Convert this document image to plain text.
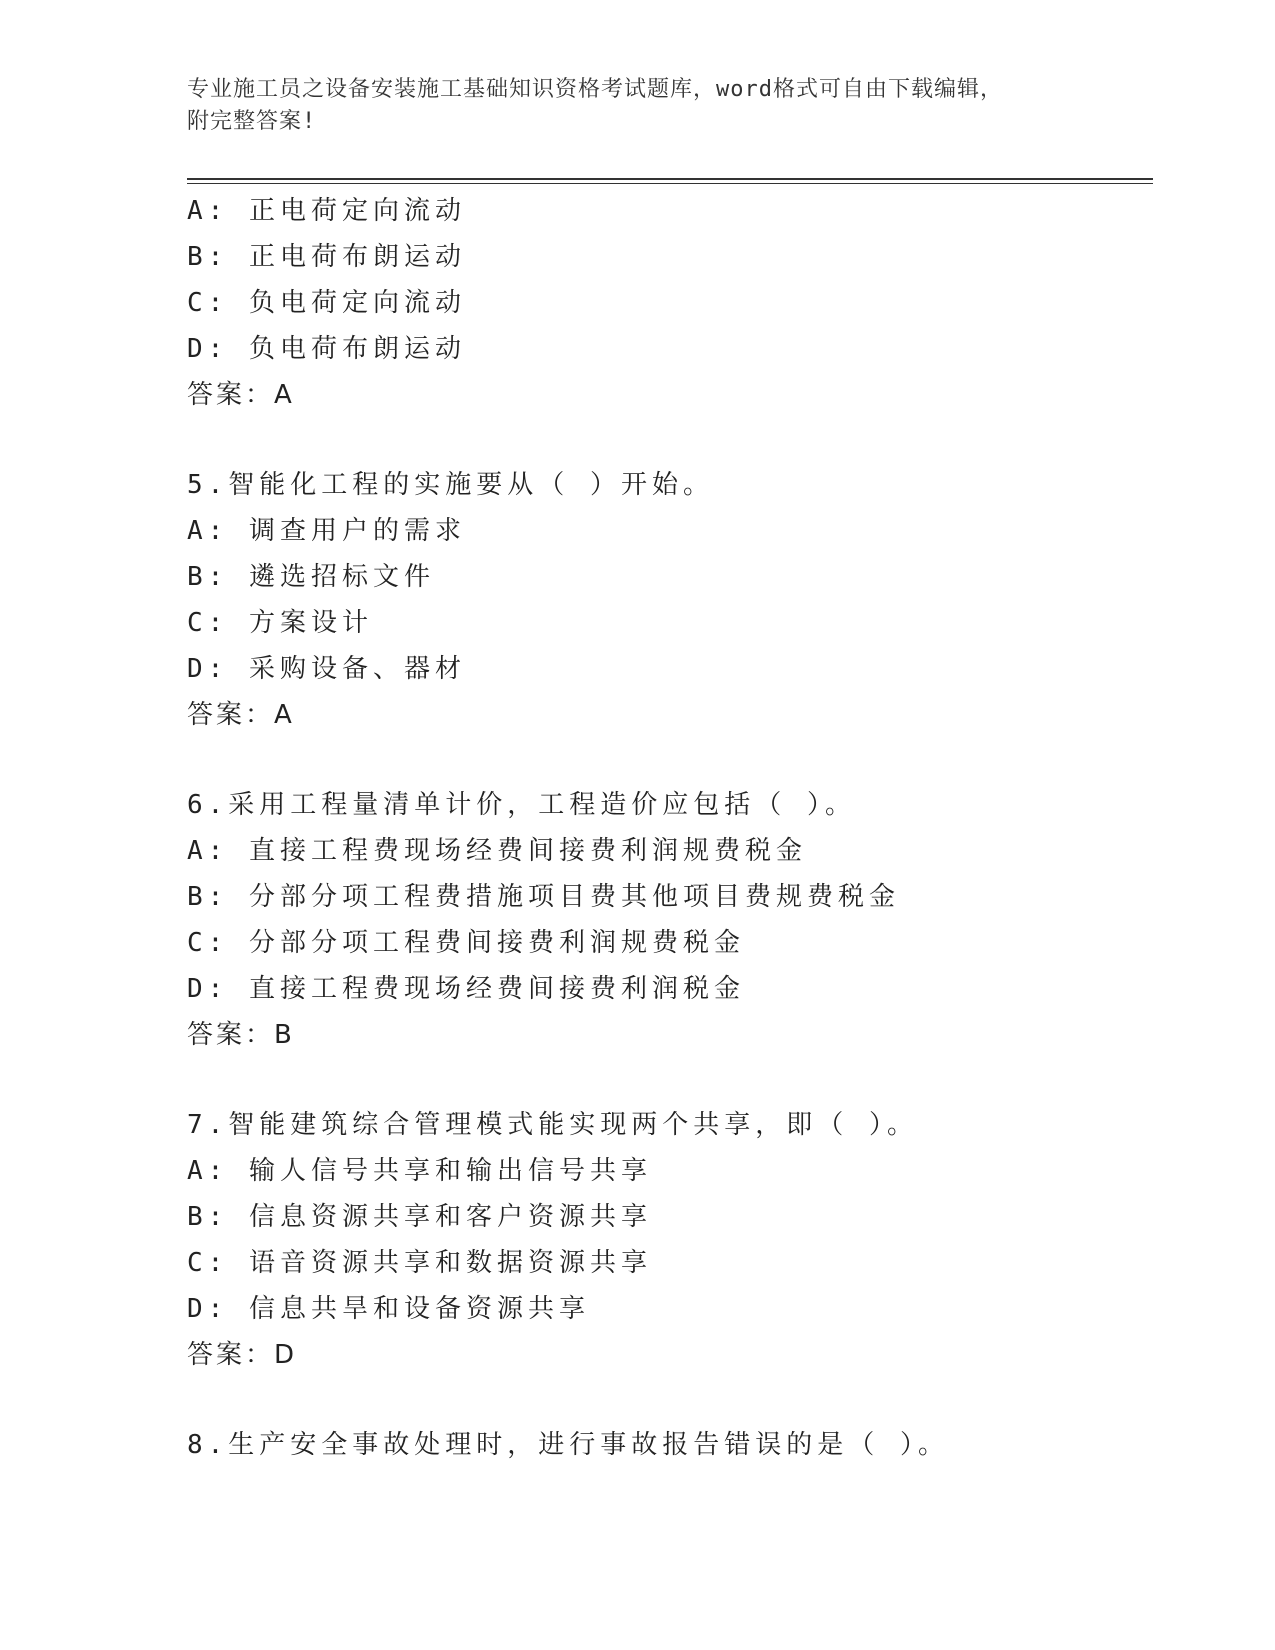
专业施工员之设备安装施工基础知识资格考试题库，word格式可自由下载编辑，
附完整答案!
A: 正电荷定向流动
B: 正电荷布朗运动
C: 负电荷定向流动
D: 负电荷布朗运动
答案：A
5.智能化工程的实施要从（ ）开始。
A: 调查用户的需求
B: 遴选招标文件
C: 方案设计
D: 采购设备、器材
答案：A
6.采用工程量清单计价，工程造价应包括（ ）。
A: 直接工程费现场经费间接费利润规费税金
B: 分部分项工程费措施项目费其他项目费规费税金
C: 分部分项工程费间接费利润规费税金
D: 直接工程费现场经费间接费利润税金
答案：B
7.智能建筑综合管理模式能实现两个共享，即（ ）。
A: 输人信号共享和输出信号共享
B: 信息资源共享和客户资源共享
C: 语音资源共享和数据资源共享
D: 信息共旱和设备资源共享
答案：D
8.生产安全事故处理时，进行事故报告错误的是（ ）。
